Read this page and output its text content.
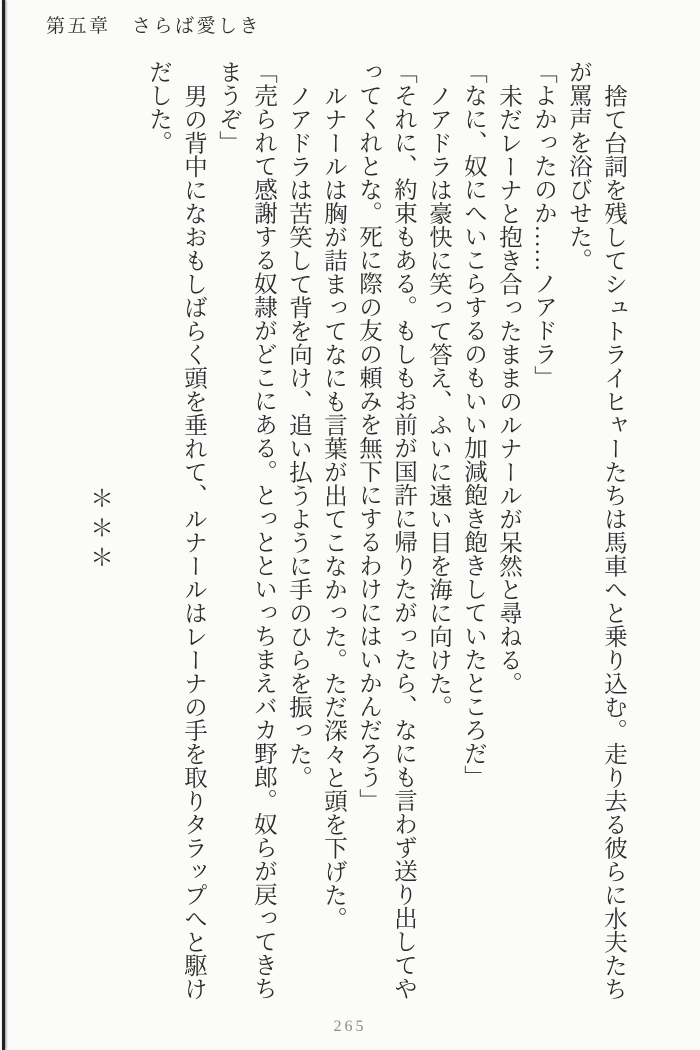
第五章　さらば愛しき

捨て台詞を残してシュトライヒャーたちは馬車へと乗り込む。走り去る彼らに水夫たちが罵声を浴びせた。

「よかったのか……ノアドラ」

未だレーナと抱き合ったままのルナールが呆然と尋ねる。

「なに、奴にへいこらするのもいい加減飽き飽きしていたところだ」

ノアドラは豪快に笑って答え、ふいに遠い目を海に向けた。

「それに、約束もある。もしもお前が国許に帰りたがったら、なにも言わず送り出してやってくれとな。死に際の友の頼みを無下にするわけにはいかんだろう」

ルナールは胸が詰まってなにも言葉が出てこなかった。ただ深々と頭を下げた。

ノアドラは苦笑して背を向け、追い払うように手のひらを振った。

「売られて感謝する奴隷がどこにある。とっとといっちまえバカ野郎。奴らが戻ってきちまうぞ」

男の背中になおもしばらく頭を垂れて、ルナールはレーナの手を取りタラップへと駆けだした。

＊＊＊

265
